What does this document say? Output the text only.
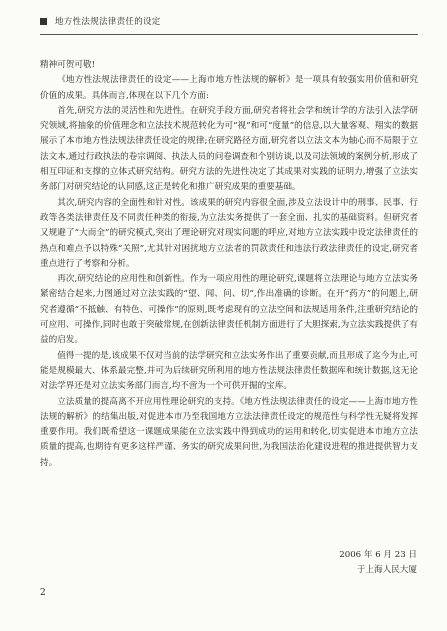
地方性法规法律责任的设定

精神可贺可敬!

《地方性法规法律责任的设定——上海市地方性法规的解析》是一项具有较强实用价值和研究价值的成果。具体而言,体现在以下几个方面:

首先,研究方法的灵活性和先进性。在研究手段方面,研究者将社会学和统计学的方法引入法学研究领域,将抽象的价值理念和立法技术规范转化为可“视”和可“度量”的信息,以大量客观、翔实的数据展示了本市地方性法规法律责任设定的规律;在研究路径方面,研究者以立法文本为轴心而不局限于立法文本,通过行政执法的卷宗调阅、执法人员的问卷调查和个别访谈,以及司法领域的案例分析,形成了相互印证和支撑的立体式研究结构。研究方法的先进性决定了其成果对实践的证明力,增强了立法实务部门对研究结论的认同感,这正是转化和推广研究成果的重要基础。

其次,研究内容的全面性和针对性。该成果的研究内容很全面,涉及立法设计中的刑事、民事、行政等各类法律责任及不同责任种类的衔接,为立法实务提供了一套全面、扎实的基础资料。但研究者又规避了“大而全”的研究模式,突出了理论研究对现实问题的呼应,对地方立法实践中设定法律责任的热点和难点予以特殊“关照”,尤其针对困扰地方立法者的罚款责任和违法行政法律责任的设定,研究者重点进行了考察和分析。

再次,研究结论的应用性和创新性。作为一项应用性的理论研究,课题将立法理论与地方立法实务紧密结合起来,力图通过对立法实践的“望、闻、问、切”,作出准确的诊断。在开“药方”的问题上,研究者遵循“不抵触、有特色、可操作”的原则,既考虑现有的立法空间和法规适用条件,注重研究结论的可应用、可操作,同时也敢于突破常规,在创新法律责任机制方面进行了大胆探索,为立法实践提供了有益的启发。

值得一提的是,该成果不仅对当前的法学研究和立法实务作出了重要贡献,而且形成了迄今为止,可能是规模最大、体系最完整,并可为后续研究所利用的地方性法规法律责任数据库和统计数据,这无论对法学界还是对立法实务部门而言,均不啻为一个可供开掘的宝库。

立法质量的提高离不开应用性理论研究的支持。《地方性法规法律责任的设定——上海市地方性法规的解析》的结集出版,对促进本市乃至我国地方立法法律责任设定的规范性与科学性无疑将发挥重要作用。我们既希望这一课题成果能在立法实践中得到成功的运用和转化,切实促进本市地方立法质量的提高,也期待有更多这样严谨、务实的研究成果问世,为我国法治化建设进程的推进提供智力支持。

2006 年 6 月 23 日
于上海人民大厦
2
